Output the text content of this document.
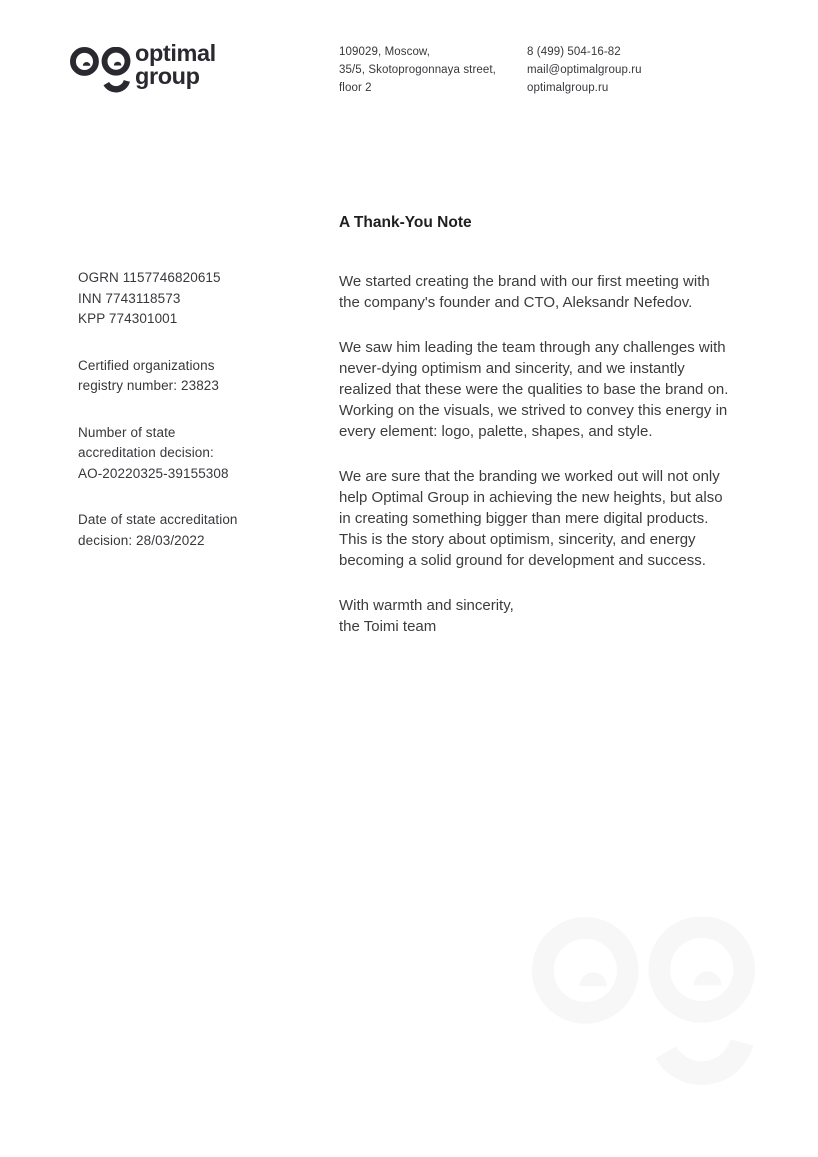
optimal
group
109029, Moscow,
35/5, Skotoprogonnaya street,
floor 2
8 (499) 504-16-82
mail@optimalgroup.ru
optimalgroup.ru
OGRN 1157746820615
INN 7743118573
KPP 774301001
Certified organizations
registry number: 23823
Number of state
accreditation decision:
AO-20220325-39155308
Date of state accreditation
decision: 28/03/2022
A Thank-You Note

We started creating the brand with our first meeting with the company's founder and CTO, Aleksandr Nefedov.

We saw him leading the team through any challenges with never-dying optimism and sincerity, and we instantly realized that these were the qualities to base the brand on. Working on the visuals, we strived to convey this energy in every element: logo, palette, shapes, and style.

We are sure that the branding we worked out will not only help Optimal Group in achieving the new heights, but also in creating something bigger than mere digital products. This is the story about optimism, sincerity, and energy becoming a solid ground for development and success.

With warmth and sincerity,
the Toimi team
